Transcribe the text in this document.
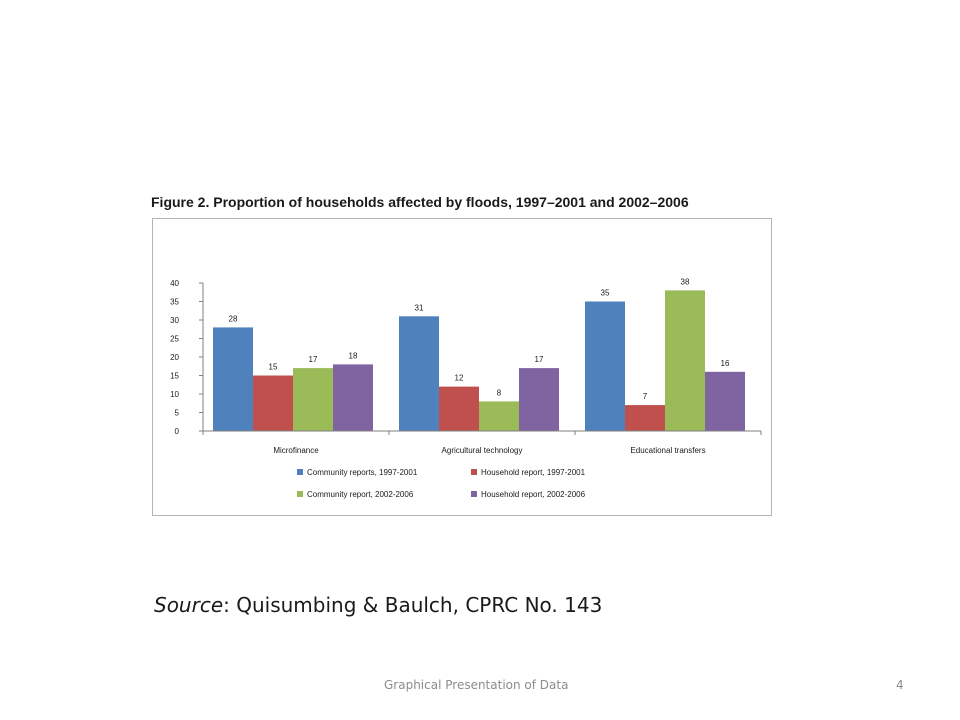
Figure 2. Proportion of households affected by floods, 1997–2001 and 2002–2006
0
5
10
15
20
25
30
35
40
28
15
17	18
Microfinance
31
12
8
17
Agricultural technology
35
7
38
16
Educational transfers
Community reports, 1997-2001	Household report, 1997-2001
Community report, 2002-2006	Household report, 2002-2006
Source: Quisumbing & Baulch, CPRC No. 143
Graphical Presentation of Data	4
